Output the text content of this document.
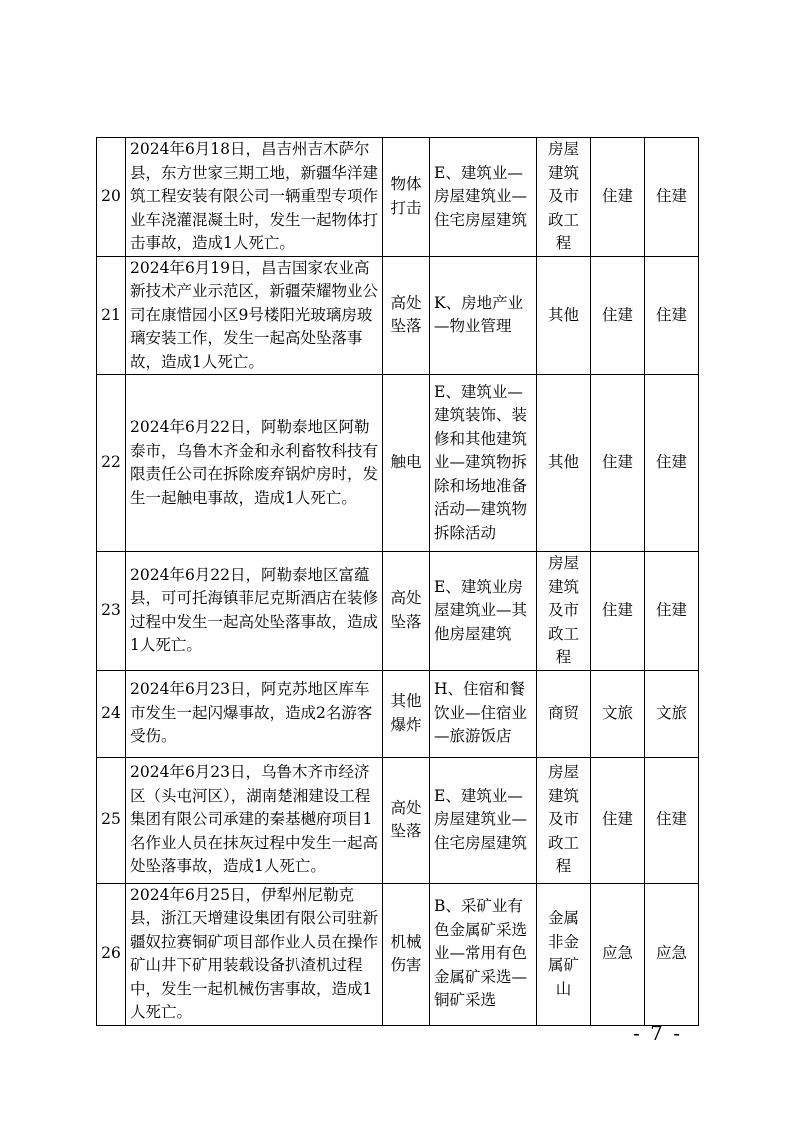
20	2024年6月18日，昌吉州吉木萨尔县，东方世家三期工地，新疆华洋建筑工程安装有限公司一辆重型专项作业车浇灌混凝土时，发生一起物体打击事故，造成1人死亡。	物体打击	E、建筑业—房屋建筑业—住宅房屋建筑	房屋建筑及市政工程	住建	住建
21	2024年6月19日，昌吉国家农业高新技术产业示范区，新疆荣耀物业公司在康惜园小区9号楼阳光玻璃房玻璃安装工作，发生一起高处坠落事故，造成1人死亡。	高处坠落	K、房地产业—物业管理	其他	住建	住建
22	2024年6月22日，阿勒泰地区阿勒泰市，乌鲁木齐金和永利畜牧科技有限责任公司在拆除废弃锅炉房时，发生一起触电事故，造成1人死亡。	触电	E、建筑业—建筑装饰、装修和其他建筑业—建筑物拆除和场地准备活动—建筑物拆除活动	其他	住建	住建
23	2024年6月22日，阿勒泰地区富蕴县，可可托海镇菲尼克斯酒店在装修过程中发生一起高处坠落事故，造成1人死亡。	高处坠落	E、建筑业房屋建筑业—其他房屋建筑	房屋建筑及市政工程	住建	住建
24	2024年6月23日，阿克苏地区库车市发生一起闪爆事故，造成2名游客受伤。	其他爆炸	H、住宿和餐饮业—住宿业—旅游饭店	商贸	文旅	文旅
25	2024年6月23日，乌鲁木齐市经济区（头屯河区），湖南楚湘建设工程集团有限公司承建的秦基樾府项目1名作业人员在抹灰过程中发生一起高处坠落事故，造成1人死亡。	高处坠落	E、建筑业—房屋建筑业—住宅房屋建筑	房屋建筑及市政工程	住建	住建
26	2024年6月25日，伊犁州尼勒克县，浙江天增建设集团有限公司驻新疆奴拉赛铜矿项目部作业人员在操作矿山井下矿用装载设备扒渣机过程中，发生一起机械伤害事故，造成1人死亡。	机械伤害	B、采矿业有色金属矿采选业—常用有色金属矿采选—铜矿采选	金属非金属矿山	应急	应急
- 7 -
